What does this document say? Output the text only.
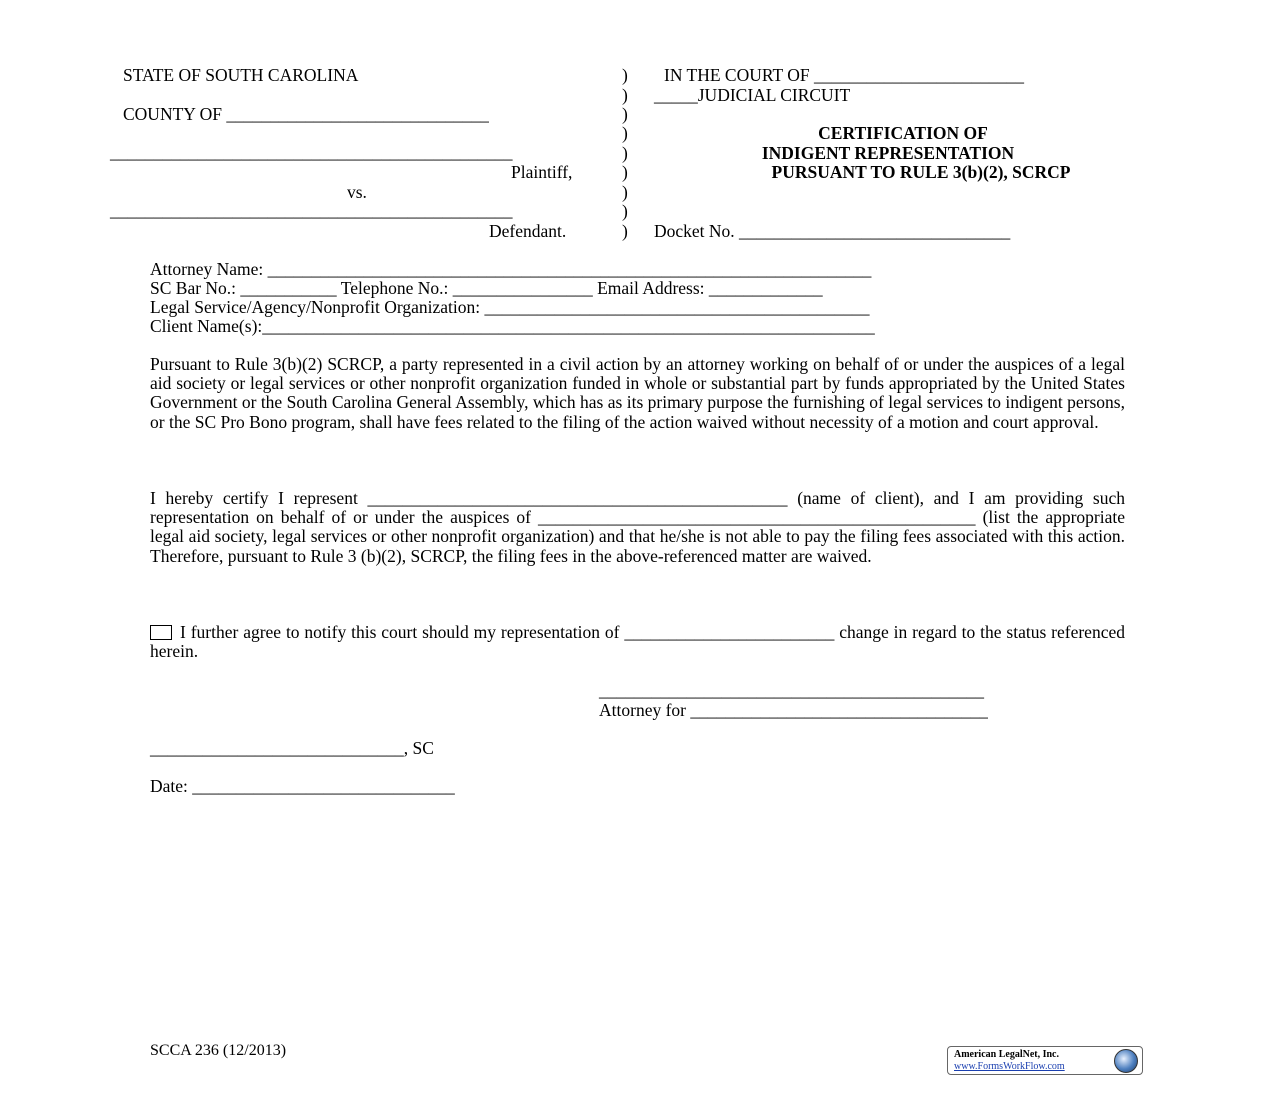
STATE OF SOUTH CAROLINA
COUNTY OF ______________________________
______________________________________________
Plaintiff,
vs.
______________________________________________
Defendant.
)
)
)
)
)
)
)
)
)
IN THE COURT OF ________________________
_____JUDICIAL CIRCUIT
CERTIFICATION OF
INDIGENT REPRESENTATION
PURSUANT TO RULE 3(b)(2), SCRCP
Docket No. _______________________________
Attorney Name: _____________________________________________________________________
SC Bar No.: ___________ Telephone No.: ________________ Email Address: _____________
Legal Service/Agency/Nonprofit Organization: ____________________________________________
Client Name(s):______________________________________________________________________
Pursuant to Rule 3(b)(2) SCRCP, a party represented in a civil action by an attorney working on behalf of or under the auspices of a legal aid society or legal services or other nonprofit organization funded in whole or substantial part by funds appropriated by the United States Government or the South Carolina General Assembly, which has as its primary purpose the furnishing of legal services to indigent persons, or the SC Pro Bono program, shall have fees related to the filing of the action waived without necessity of a motion and court approval.
I hereby certify I represent ________________________________________________ (name of client), and I am providing such representation on behalf of or under the auspices of __________________________________________________ (list the appropriate legal aid society, legal services or other nonprofit organization) and that he/she is not able to pay the filing fees associated with this action. Therefore, pursuant to Rule 3 (b)(2), SCRCP, the filing fees in the above-referenced matter are waived.
I further agree to notify this court should my representation of ________________________ change in regard to the status referenced herein.
____________________________________________
Attorney for __________________________________
_____________________________, SC
Date: ______________________________
SCCA 236 (12/2013)	American LegalNet, Inc.
www.FormsWorkFlow.com
